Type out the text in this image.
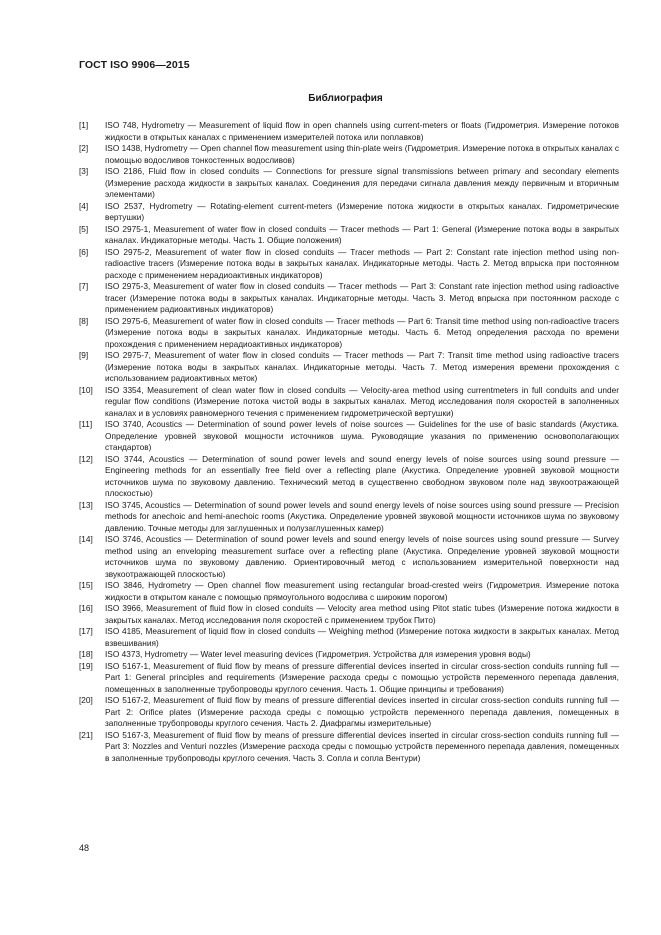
ГОСТ ISO 9906—2015
Библиография
[1]	ISO 748, Hydrometry — Measurement of liquid flow in open channels using current-meters or floats (Гидрометрия. Измерение потоков жидкости в открытых каналах с применением измерителей потока или поплавков)
[2]	ISO 1438, Hydrometry — Open channel flow measurement using thin-plate weirs (Гидрометрия. Измерение потока в открытых каналах с помощью водосливов тонкостенных водосливов)
[3]	ISO 2186, Fluid flow in closed conduits — Connections for pressure signal transmissions between primary and secondary elements (Измерение расхода жидкости в закрытых каналах. Соединения для передачи сигнала давления между первичным и вторичным элементами)
[4]	ISO 2537, Hydrometry — Rotating-element current-meters (Измерение потока жидкости в открытых каналах. Гидрометрические вертушки)
[5]	ISO 2975-1, Measurement of water flow in closed conduits — Tracer methods — Part 1: General (Измерение потока воды в закрытых каналах. Индикаторные методы. Часть 1. Общие положения)
[6]	ISO 2975-2, Measurement of water flow in closed conduits — Tracer methods — Part 2: Constant rate injection method using non-radioactive tracers (Измерение потока воды в закрытых каналах. Индикаторные методы. Часть 2. Метод впрыска при постоянном расходе с применением нерадиоактивных индикаторов)
[7]	ISO 2975-3, Measurement of water flow in closed conduits — Tracer methods — Part 3: Constant rate injection method using radioactive tracer (Измерение потока воды в закрытых каналах. Индикаторные методы. Часть 3. Метод впрыска при постоянном расходе с применением радиоактивных индикаторов)
[8]	ISO 2975-6, Measurement of water flow in closed conduits — Tracer methods — Part 6: Transit time method using non-radioactive tracers (Измерение потока воды в закрытых каналах. Индикаторные методы. Часть 6. Метод определения расхода по времени прохождения с применением нерадиоактивных индикаторов)
[9]	ISO 2975-7, Measurement of water flow in closed conduits — Tracer methods — Part 7: Transit time method using radioactive tracers (Измерение потока воды в закрытых каналах. Индикаторные методы. Часть 7. Метод измерения времени прохождения с использованием радиоактивных меток)
[10]	ISO 3354, Measurement of clean water flow in closed conduits — Velocity-area method using currentmeters in full conduits and under regular flow conditions (Измерение потока чистой воды в закрытых каналах. Метод исследования поля скоростей в заполненных каналах и в условиях равномерного течения с применением гидрометрической вертушки)
[11]	ISO 3740, Acoustics — Determination of sound power levels of noise sources — Guidelines for the use of basic standards (Акустика. Определение уровней звуковой мощности источников шума. Руководящие указания по применению основополагающих стандартов)
[12]	ISO 3744, Acoustics — Determination of sound power levels and sound energy levels of noise sources using sound pressure — Engineering methods for an essentially free field over a reflecting plane (Акустика. Определение уровней звуковой мощности источников шума по звуковому давлению. Технический метод в существенно свободном звуковом поле над звукоотражающей плоскостью)
[13]	ISO 3745, Acoustics — Determination of sound power levels and sound energy levels of noise sources using sound pressure — Precision methods for anechoic and hemi-anechoic rooms (Акустика. Определение уровней звуковой мощности источников шума по звуковому давлению. Точные методы для заглушенных и полузаглушенных камер)
[14]	ISO 3746, Acoustics — Determination of sound power levels and sound energy levels of noise sources using sound pressure — Survey method using an enveloping measurement surface over a reflecting plane (Акустика. Определение уровней звуковой мощности источников шума по звуковому давлению. Ориентировочный метод с использованием измерительной поверхности над звукоотражающей плоскостью)
[15]	ISO 3846, Hydrometry — Open channel flow measurement using rectangular broad-crested weirs (Гидрометрия. Измерение потока жидкости в открытом канале с помощью прямоугольного водослива с широким порогом)
[16]	ISO 3966, Measurement of fluid flow in closed conduits — Velocity area method using Pitot static tubes (Измерение потока жидкости в закрытых каналах. Метод исследования поля скоростей с применением трубок Пито)
[17]	ISO 4185, Measurement of liquid flow in closed conduits — Weighing method (Измерение потока жидкости в закрытых каналах. Метод взвешивания)
[18]	ISO 4373, Hydrometry — Water level measuring devices (Гидрометрия. Устройства для измерения уровня воды)
[19]	ISO 5167-1, Measurement of fluid flow by means of pressure differential devices inserted in circular cross-section conduits running full — Part 1: General principles and requirements (Измерение расхода среды с помощью устройств переменного перепада давления, помещенных в заполненные трубопроводы круглого сечения. Часть 1. Общие принципы и требования)
[20]	ISO 5167-2, Measurement of fluid flow by means of pressure differential devices inserted in circular cross-section conduits running full — Part 2: Orifice plates (Измерение расхода среды с помощью устройств переменного перепада давления, помещенных в заполненные трубопроводы круглого сечения. Часть 2. Диафрагмы измерительные)
[21]	ISO 5167-3, Measurement of fluid flow by means of pressure differential devices inserted in circular cross-section conduits running full — Part 3: Nozzles and Venturi nozzles (Измерение расхода среды с помощью устройств переменного перепада давления, помещенных в заполненные трубопроводы круглого сечения. Часть 3. Сопла и сопла Вентури)
48
